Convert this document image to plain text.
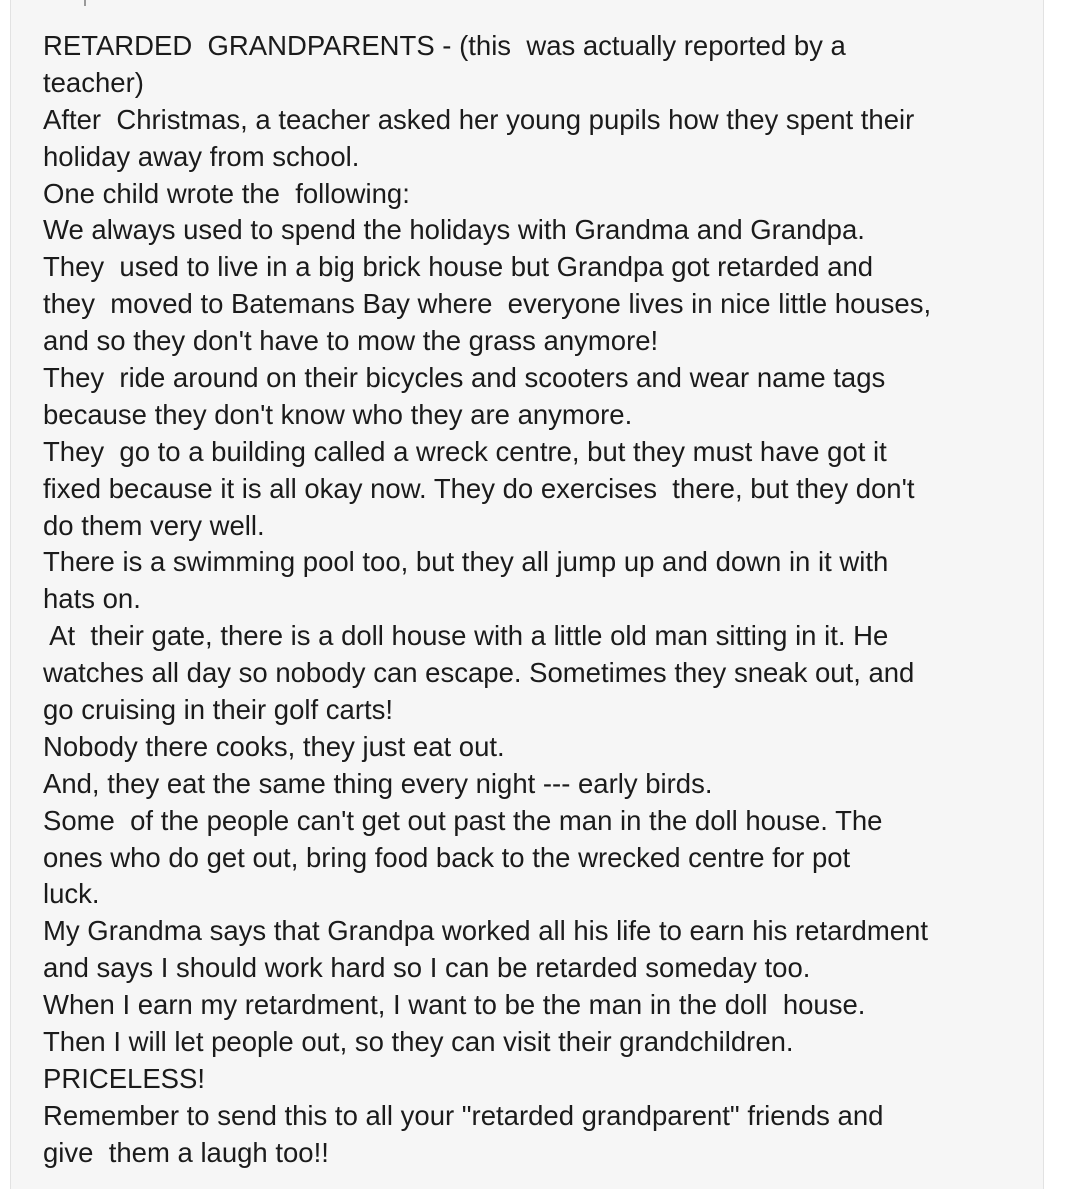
RETARDED  GRANDPARENTS - (this  was actually reported by a
teacher)
After  Christmas, a teacher asked her young pupils how they spent their
holiday away from school.
One child wrote the  following:
We always used to spend the holidays with Grandma and Grandpa.
They  used to live in a big brick house but Grandpa got retarded and
they  moved to Batemans Bay where  everyone lives in nice little houses,
and so they don't have to mow the grass anymore!
They  ride around on their bicycles and scooters and wear name tags
because they don't know who they are anymore.
They  go to a building called a wreck centre, but they must have got it
fixed because it is all okay now. They do exercises  there, but they don't
do them very well.
There is a swimming pool too, but they all jump up and down in it with
hats on.
At  their gate, there is a doll house with a little old man sitting in it. He
watches all day so nobody can escape. Sometimes they sneak out, and
go cruising in their golf carts!
Nobody there cooks, they just eat out.
And, they eat the same thing every night --- early birds.
Some  of the people can't get out past the man in the doll house. The
ones who do get out, bring food back to the wrecked centre for pot
luck.
My Grandma says that Grandpa worked all his life to earn his retardment
and says I should work hard so I can be retarded someday too.
When I earn my retardment, I want to be the man in the doll  house.
Then I will let people out, so they can visit their grandchildren.
PRICELESS!
Remember to send this to all your "retarded grandparent" friends and
give  them a laugh too!!
